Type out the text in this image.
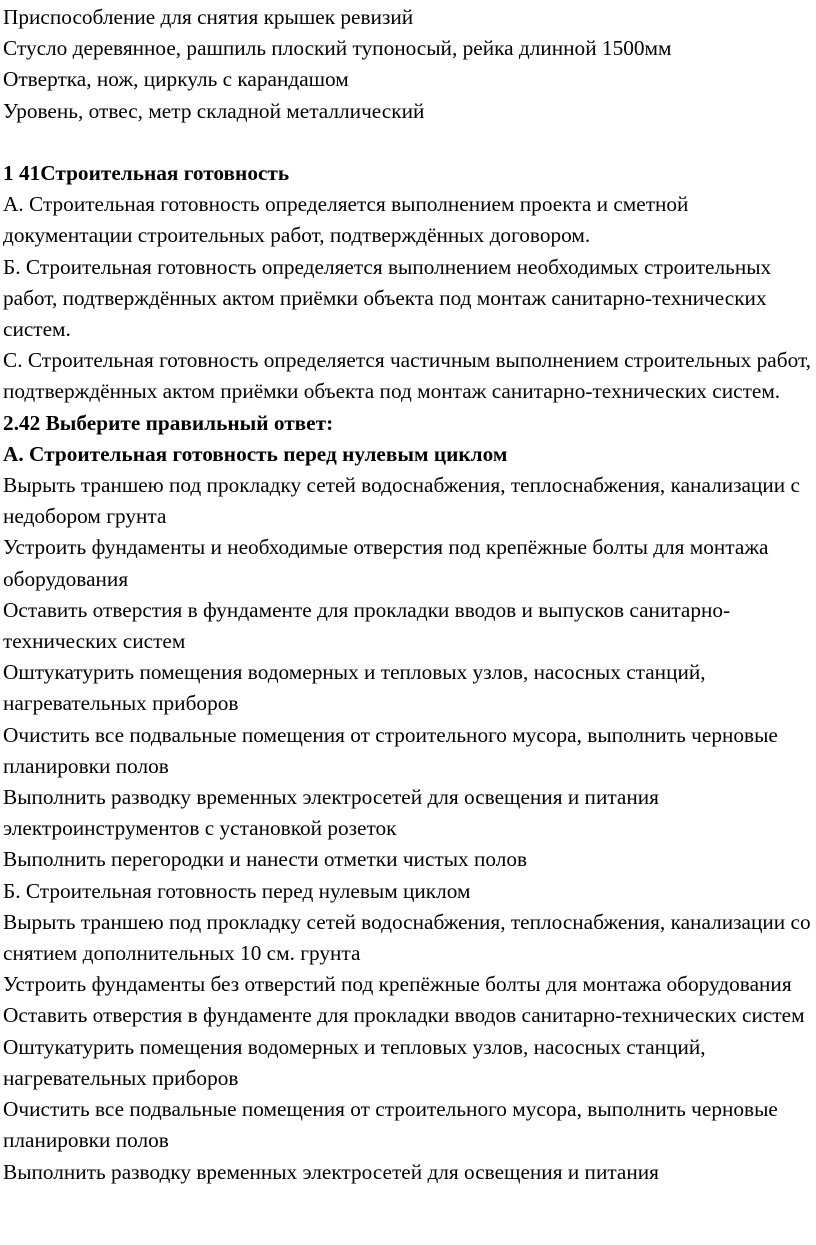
Приспособление для снятия крышек ревизий
Стусло деревянное, рашпиль плоский тупоносый, рейка длинной 1500мм
Отвертка, нож, циркуль с карандашом
Уровень, отвес, метр складной металлический
1 41Строительная готовность
А. Строительная готовность определяется выполнением проекта и сметной документации строительных работ, подтверждённых договором.
Б. Строительная готовность определяется выполнением необходимых строительных работ, подтверждённых актом приёмки объекта под монтаж санитарно-технических систем.
С. Строительная готовность определяется частичным выполнением строительных работ, подтверждённых актом приёмки объекта под монтаж санитарно-технических систем.
2.42 Выберите правильный ответ:
А. Строительная готовность перед нулевым циклом
Вырыть траншею под прокладку сетей водоснабжения, теплоснабжения, канализации с недобором грунта
Устроить фундаменты и необходимые отверстия под крепёжные болты для монтажа оборудования
Оставить отверстия в фундаменте для прокладки вводов и выпусков санитарно-технических систем
Оштукатурить помещения водомерных и тепловых узлов, насосных станций, нагревательных приборов
Очистить все подвальные помещения от строительного мусора, выполнить черновые планировки полов
Выполнить разводку временных электросетей для освещения и питания электроинструментов с установкой розеток
Выполнить перегородки и нанести отметки чистых полов
Б. Строительная готовность перед нулевым циклом
Вырыть траншею под прокладку сетей водоснабжения, теплоснабжения, канализации со снятием дополнительных 10 см. грунта
Устроить фундаменты без отверстий под крепёжные болты для монтажа оборудования
Оставить отверстия в фундаменте для прокладки вводов санитарно-технических систем
Оштукатурить помещения водомерных и тепловых узлов, насосных станций, нагревательных приборов
Очистить все подвальные помещения от строительного мусора, выполнить черновые планировки полов
Выполнить разводку временных электросетей для освещения и питания
